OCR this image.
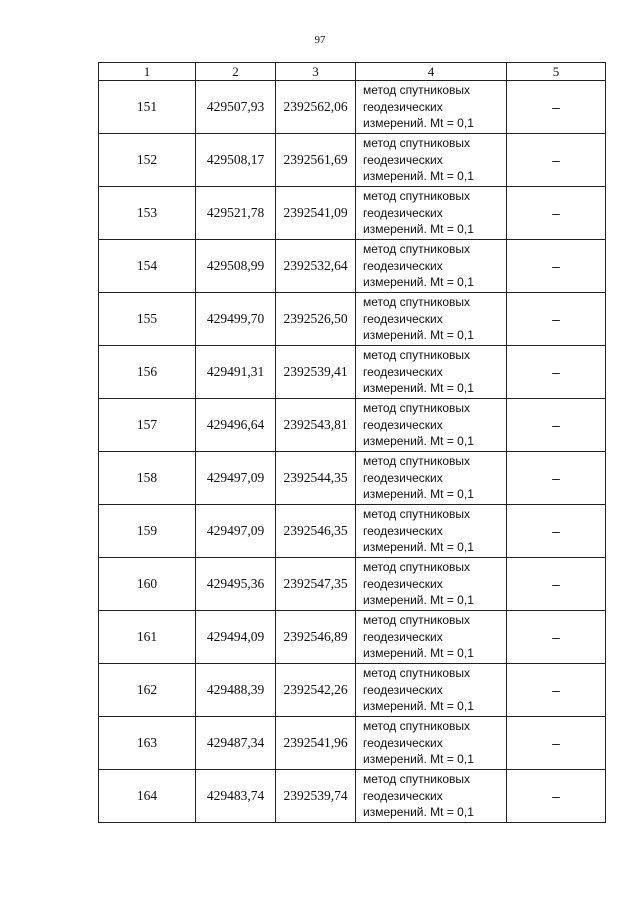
97
1	2	3	4	5
151	429507,93	2392562,06	метод спутниковых
геодезических
измерений. Mt = 0,1	–
152	429508,17	2392561,69	метод спутниковых
геодезических
измерений. Mt = 0,1	–
153	429521,78	2392541,09	метод спутниковых
геодезических
измерений. Mt = 0,1	–
154	429508,99	2392532,64	метод спутниковых
геодезических
измерений. Mt = 0,1	–
155	429499,70	2392526,50	метод спутниковых
геодезических
измерений. Mt = 0,1	–
156	429491,31	2392539,41	метод спутниковых
геодезических
измерений. Mt = 0,1	–
157	429496,64	2392543,81	метод спутниковых
геодезических
измерений. Mt = 0,1	–
158	429497,09	2392544,35	метод спутниковых
геодезических
измерений. Mt = 0,1	–
159	429497,09	2392546,35	метод спутниковых
геодезических
измерений. Mt = 0,1	–
160	429495,36	2392547,35	метод спутниковых
геодезических
измерений. Mt = 0,1	–
161	429494,09	2392546,89	метод спутниковых
геодезических
измерений. Mt = 0,1	–
162	429488,39	2392542,26	метод спутниковых
геодезических
измерений. Mt = 0,1	–
163	429487,34	2392541,96	метод спутниковых
геодезических
измерений. Mt = 0,1	–
164	429483,74	2392539,74	метод спутниковых
геодезических
измерений. Mt = 0,1	–
